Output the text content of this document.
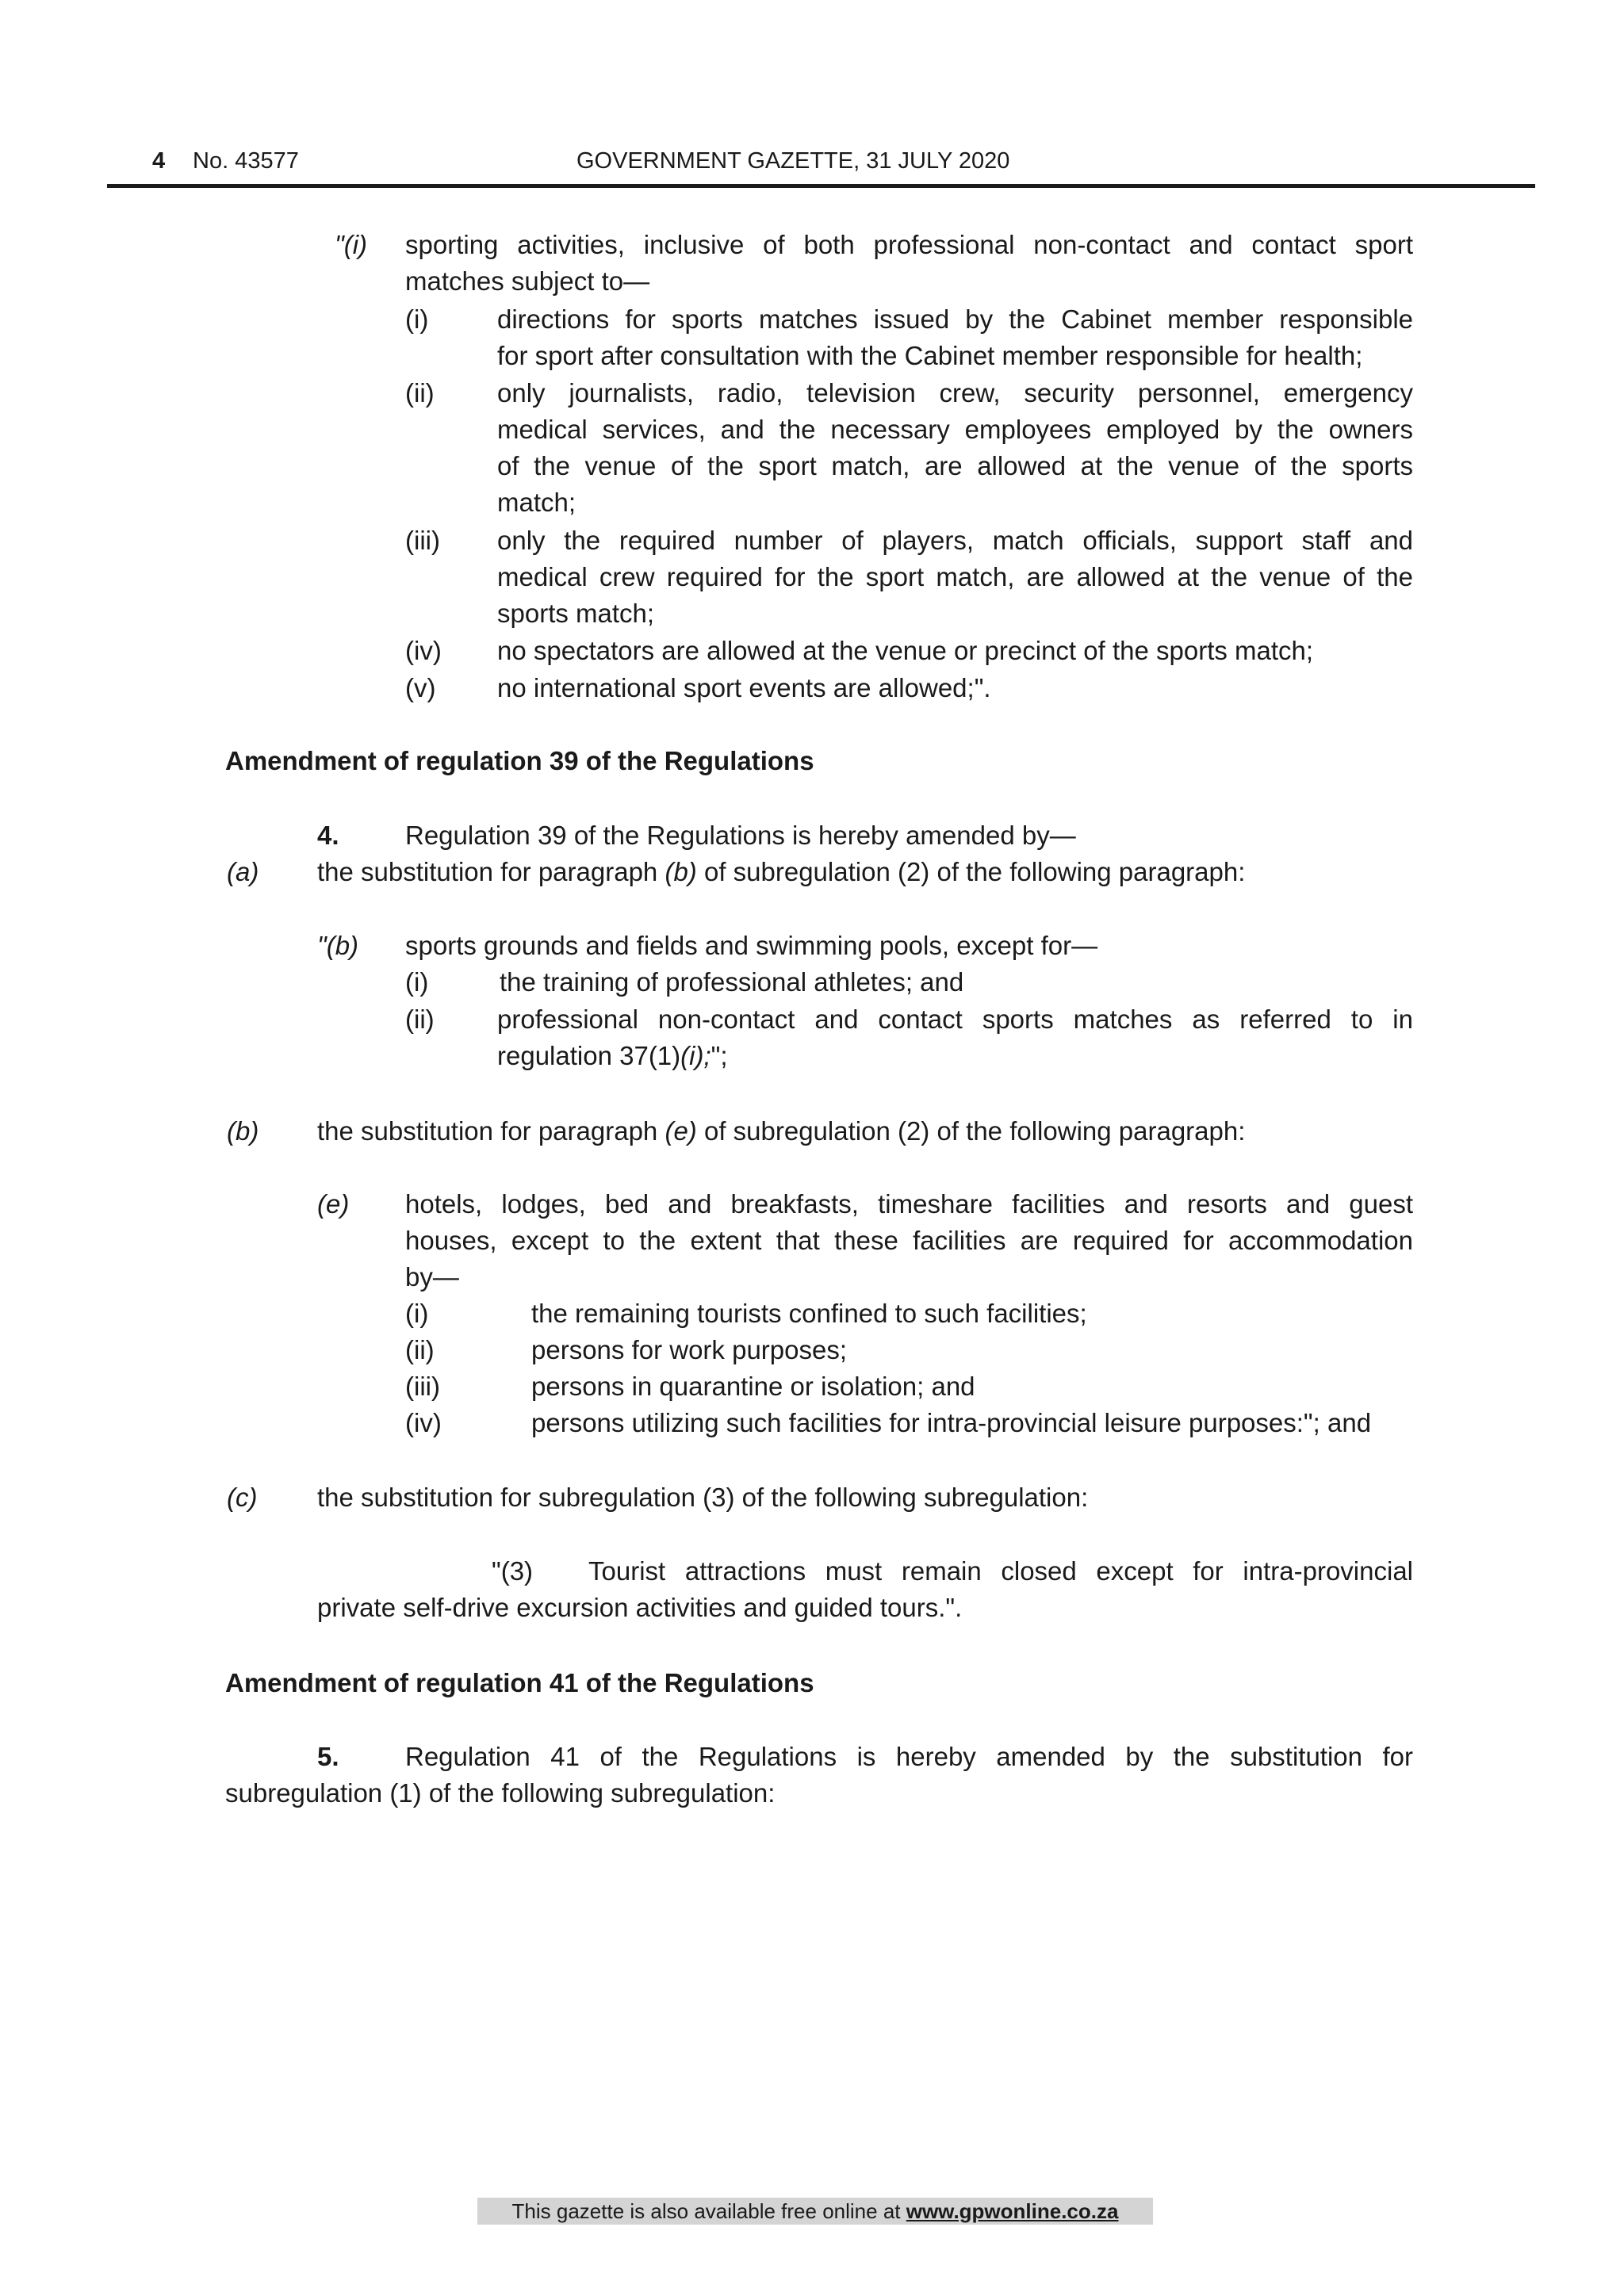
4 No. 43577	GOVERNMENT GAZETTE, 31 JULY 2020
"(i) sporting activities, inclusive of both professional non-contact and contact sport
matches subject to—
(i)	directions for sports matches issued by the Cabinet member responsible
for sport after consultation with the Cabinet member responsible for health;
(ii) only journalists, radio, television crew, security personnel, emergency
medical services, and the necessary employees employed by the owners
of the venue of the sport match, are allowed at the venue of the sports
match;
(iii) only the required number of players, match officials, support staff and
medical crew required for the sport match, are allowed at the venue of the
sports match;
(iv) no spectators are allowed at the venue or precinct of the sports match;
(v) no international sport events are allowed;".
Amendment of regulation 39 of the Regulations
4.	Regulation 39 of the Regulations is hereby amended by—
(a) the substitution for paragraph (b) of subregulation (2) of the following paragraph:
"(b) sports grounds and fields and swimming pools, except for—
(i)	the training of professional athletes; and
(ii) professional non-contact and contact sports matches as referred to in
regulation 37(1)(i);";
(b) the substitution for paragraph (e) of subregulation (2) of the following paragraph:
(e) hotels, lodges, bed and breakfasts, timeshare facilities and resorts and guest
houses, except to the extent that these facilities are required for accommodation
by—
(i)	the remaining tourists confined to such facilities;
(ii)	persons for work purposes;
(iii)	persons in quarantine or isolation; and
(iv)	persons utilizing such facilities for intra-provincial leisure purposes:"; and
(c) the substitution for subregulation (3) of the following subregulation:
"(3) Tourist attractions must remain closed except for intra-provincial
private self-drive excursion activities and guided tours.".
Amendment of regulation 41 of the Regulations
5.	Regulation 41 of the Regulations is hereby amended by the substitution for
subregulation (1) of the following subregulation:
This gazette is also available free online at www.gpwonline.co.za
